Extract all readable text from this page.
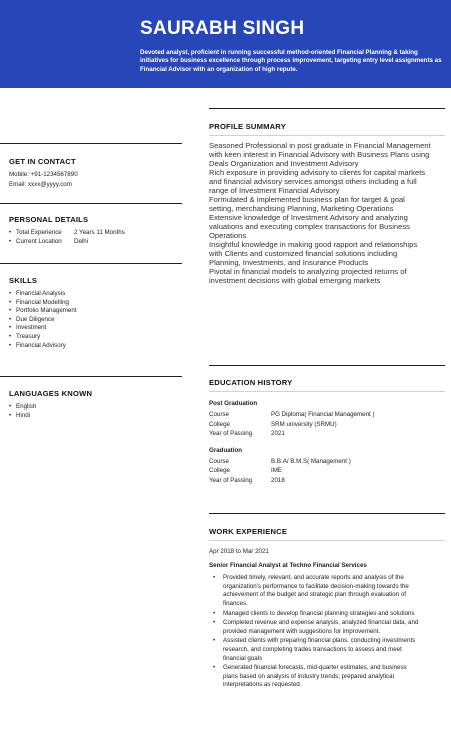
SAURABH SINGH
Devoted analyst, proficient in running successful method-oriented Financial Planning & taking initiatives for business excellence through process improvement, targeting entry level assignments as Financial Advisor with an organization of high repute.
GET IN CONTACT
Mobile: +91-1234567890
Email: xxxx@yyyy.com
PERSONAL DETAILS
• Total Experience	2 Years 11 Months
• Current Location	Delhi
SKILLS
• Financial Analysis
• Financial Modelling
• Portfolio Management
• Due Diligence
• Investment
• Treasury
• Financial Advisory
LANGUAGES KNOWN
• English
• Hindi
PROFILE SUMMARY

Seasoned Professional in post graduate in Financial Management with keen interest in Financial Advisory with Business Plans using Deals Organization and Investment Advisory

Rich exposure in providing advisory to clients for capital markets and financial advisory services amongst others including a full range of Investment Financial Advisory

Formulated & implemented business plan for target & goal setting, merchandising Planning, Marketing Operations

Extensive knowledge of Investment Advisory and analyzing valuations and executing complex transactions for Business Operations

Insightful knowledge in making good rapport and relationships with Clients and customized financial solutions including Planning, Investments, and Insurance Products

Pivotal in financial models to analyzing projected returns of investment decisions with global emerging markets

EDUCATION HISTORY
Post Graduation
Course	PG Diploma( Financial Management )
College	SRM university (SRMU)
Year of Passing	2021
Graduation
Course	B.B.A/ B.M.S( Management )
College	IME
Year of Passing	2018
WORK EXPERIENCE
Apr 2018 to Mar 2021
Senior Financial Analyst at Techno Financial Services
• Provided timely, relevant, and accurate reports and analysis of the organization's performance to facilitate decision-making towards the achievement of the budget and strategic plan through evaluation of finances.
• Managed clients to develop financial planning strategies and solutions
• Completed revenue and expense analysis, analyzed financial data, and provided management with suggestions for improvement.
• Assisted clients with preparing financial plans, conducting investments research, and completing trades transactions to assess and meet financial goals
• Generated financial forecasts, mid-quarter estimates, and business plans based on analysis of industry trends; prepared analytical interpretations as requested.
